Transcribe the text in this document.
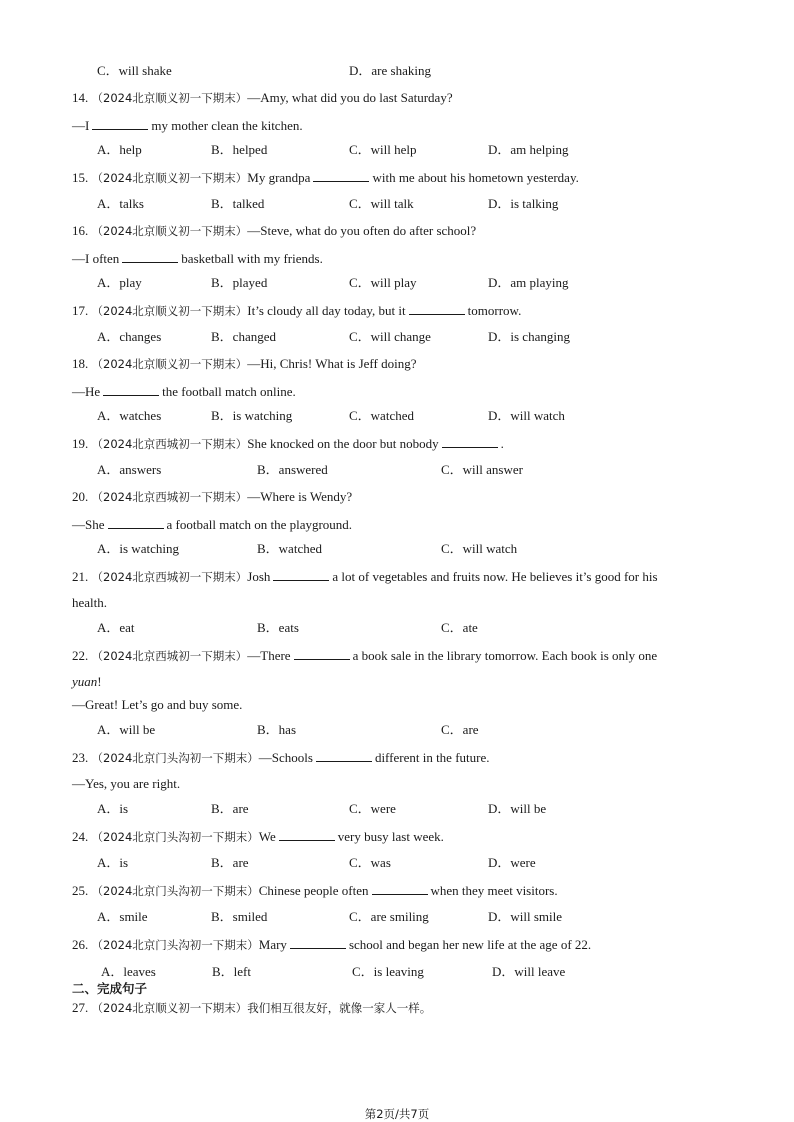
C．will shake	D．are shaking
14. （2024北京顺义初一下期末）—Amy, what did you do last Saturday?
—I	my mother clean the kitchen.
A．help	B．helped	C．will help	D．am helping
15. （2024北京顺义初一下期末）My grandpa	with me about his hometown yesterday.
A．talks	B．talked	C．will talk	D．is talking
16. （2024北京顺义初一下期末）—Steve, what do you often do after school?
—I often	basketball with my friends.
A．play	B．played	C．will play	D．am playing
17. （2024北京顺义初一下期末）It’s cloudy all day today, but it	tomorrow.
A．changes	B．changed	C．will change	D．is changing
18. （2024北京顺义初一下期末）—Hi, Chris! What is Jeff doing?
—He	the football match online.
A．watches	B．is watching	C．watched	D．will watch
19. （2024北京西城初一下期末）She knocked on the door but nobody	.
A．answers	B．answered	C．will answer
20. （2024北京西城初一下期末）—Where is Wendy?
—She	a football match on the playground.
A．is watching	B．watched	C．will watch
21. （2024北京西城初一下期末）Josh	a lot of vegetables and fruits now. He believes it’s good for his
health.
A．eat	B．eats	C．ate
22. （2024北京西城初一下期末）—There	a book sale in the library tomorrow. Each book is only one
yuan!
—Great! Let’s go and buy some.
A．will be	B．has	C．are
23. （2024北京门头沟初一下期末）—Schools	different in the future.
—Yes, you are right.
A．is	B．are	C．were	D．will be
24. （2024北京门头沟初一下期末）We	very busy last week.
A．is	B．are	C．was	D．were
25. （2024北京门头沟初一下期末）Chinese people often	when they meet visitors.
A．smile	B．smiled	C．are smiling	D．will smile
26. （2024北京门头沟初一下期末）Mary	school and began her new life at the age of 22.
A．leaves	B．left	C．is leaving	D．will leave
二、完成句子
27. （2024北京顺义初一下期末）我们相互很友好，就像一家人一样。
第2页/共7页
